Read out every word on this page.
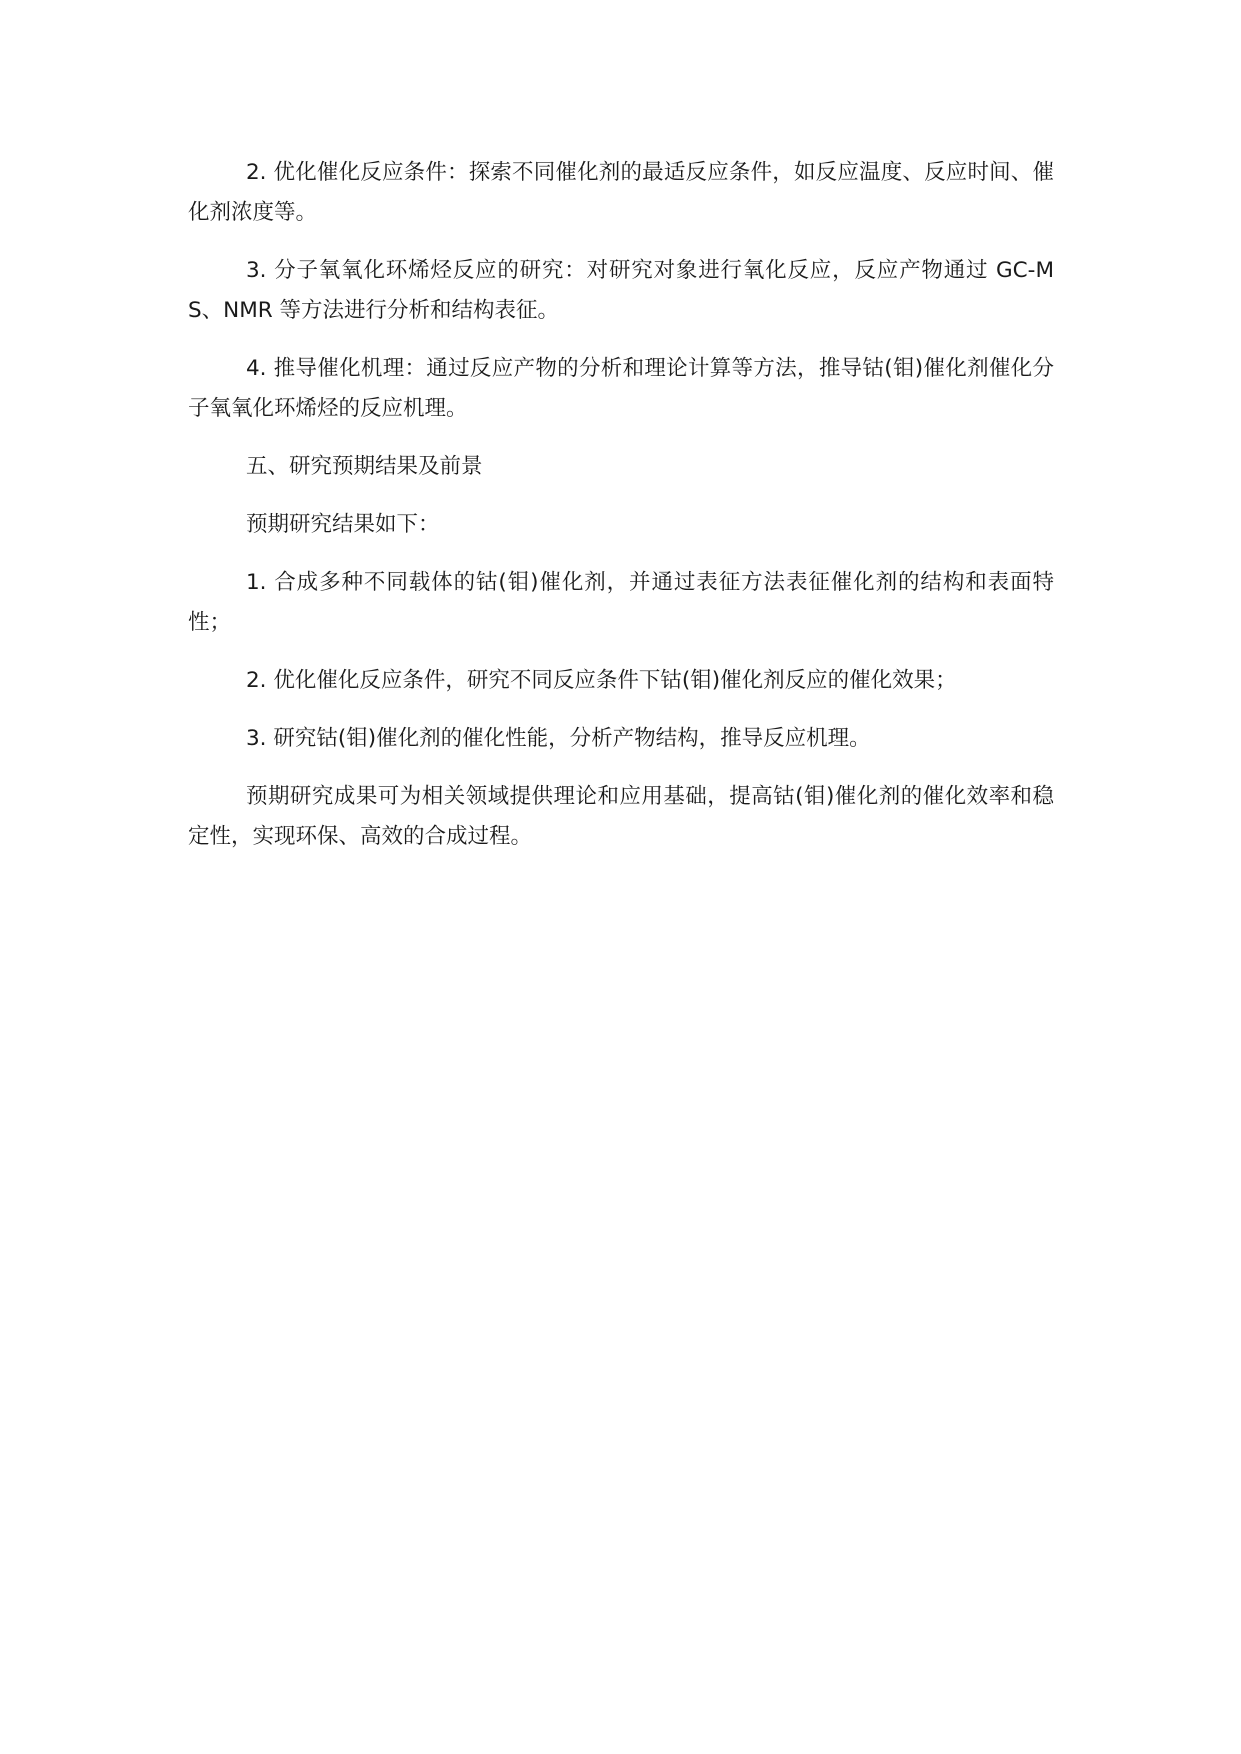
2. 优化催化反应条件：探索不同催化剂的最适反应条件，如反应温度、反应时间、催化剂浓度等。

3. 分子氧氧化环烯烃反应的研究：对研究对象进行氧化反应，反应产物通过 GC-MS、NMR 等方法进行分析和结构表征。

4. 推导催化机理：通过反应产物的分析和理论计算等方法，推导钴(钼)催化剂催化分子氧氧化环烯烃的反应机理。

五、研究预期结果及前景

预期研究结果如下：

1. 合成多种不同载体的钴(钼)催化剂，并通过表征方法表征催化剂的结构和表面特性；

2. 优化催化反应条件，研究不同反应条件下钴(钼)催化剂反应的催化效果；

3. 研究钴(钼)催化剂的催化性能，分析产物结构，推导反应机理。

预期研究成果可为相关领域提供理论和应用基础，提高钴(钼)催化剂的催化效率和稳定性，实现环保、高效的合成过程。
